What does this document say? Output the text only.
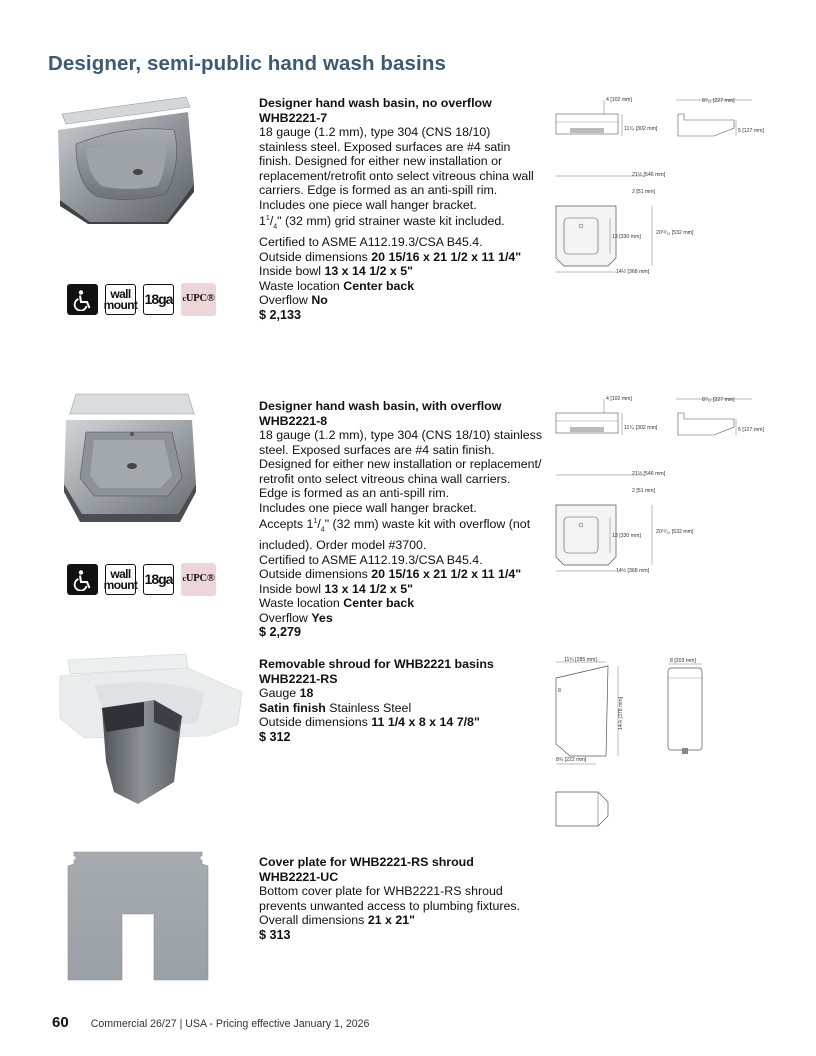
Designer, semi-public hand wash basins
wall
mount 18ga c UPC®

Designer hand wash basin, no overflow

WHB2221-7

18 gauge (1.2 mm), type 304 (CNS 18/10)

stainless steel. Exposed surfaces are #4 satin

finish. Designed for either new installation or

replacement/retrofit onto select vitreous china wall

carriers. Edge is formed as an anti-spill rim.

Includes one piece wall hanger bracket.

$1^1/_4$" (32 mm) grid strainer waste kit included.

Certified to ASME A112.19.3/CSA B45.4.

Outside dimensions 20 15/16 x 21 1/2 x 11 1/4"

Inside bowl 13 x 14 1/2 x 5"

Waste location Center back

Overflow No

$ 2,133

11⁷⁄₈ [302 mm]
4 [102 mm]	8⁷⁄₁₆ [227 mm]
5 [127 mm]
21½ [546 mm]
2 [51 mm]
13 [330 mm]
20¹⁵⁄₁₆ [532 mm]
14½ [368 mm]
wall
mount 18ga c UPC®

Designer hand wash basin, with overflow

WHB2221-8

18 gauge (1.2 mm), type 304 (CNS 18/10) stainless

steel. Exposed surfaces are #4 satin finish.

Designed for either new installation or replacement/

retrofit onto select vitreous china wall carriers.

Edge is formed as an anti-spill rim.

Includes one piece wall hanger bracket.

Accepts $1^1/_4$" (32 mm) waste kit with overflow (not

included). Order model #3700.

Certified to ASME A112.19.3/CSA B45.4.

Outside dimensions 20 15/16 x 21 1/2 x 11 1/4"

Inside bowl 13 x 14 1/2 x 5"

Waste location Center back

Overflow Yes

$ 2,279

11⁷⁄₈ [302 mm]
4 [102 mm]	8⁷⁄₁₆ [227 mm]
5 [127 mm]
21½ [546 mm]
2 [51 mm]
13 [330 mm]
20¹⁵⁄₁₆ [532 mm]
14½ [368 mm]

Removable shroud for WHB2221 basins

WHB2221-RS

Gauge 18

Satin finish Stainless Steel

Outside dimensions 11 1/4 x 8 x 14 7/8"

$ 312

11¼ [285 mm]
8
14⅞ [378 mm]
8¾ [222 mm]
8 [203 mm]

Cover plate for WHB2221-RS shroud

WHB2221-UC

Bottom cover plate for WHB2221-RS shroud

prevents unwanted access to plumbing fixtures.

Overall dimensions 21 x 21"

$ 313

60 Commercial 26/27 | USA - Pricing effective January 1, 2026
